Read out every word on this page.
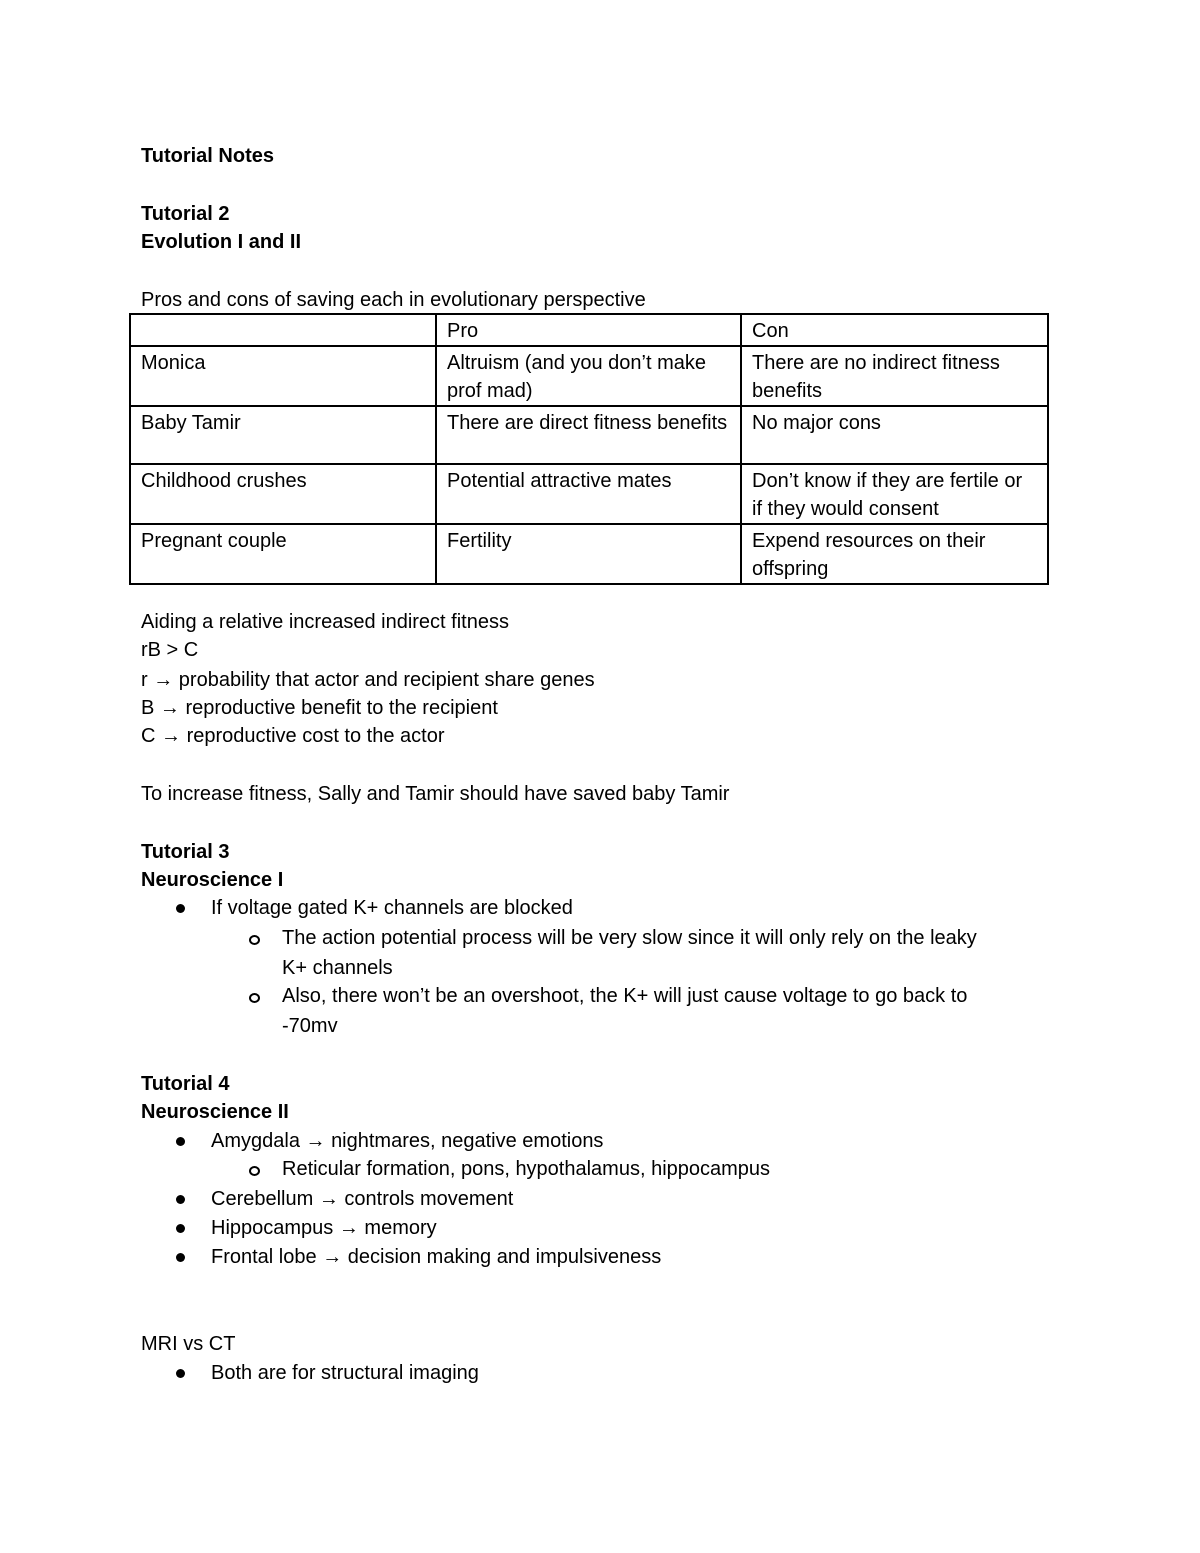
Tutorial Notes
Tutorial 2
Evolution I and II
Pros and cons of saving each in evolutionary perspective
	Pro	Con
Monica	Altruism (and you don’t make prof mad)	There are no indirect fitness benefits
Baby Tamir	There are direct fitness benefits	No major cons
Childhood crushes	Potential attractive mates	Don’t know if they are fertile or if they would consent
Pregnant couple	Fertility	Expend resources on their offspring
Aiding a relative increased indirect fitness
rB > C
r → probability that actor and recipient share genes
B → reproductive benefit to the recipient
C → reproductive cost to the actor
To increase fitness, Sally and Tamir should have saved baby Tamir
Tutorial 3
Neuroscience I
If voltage gated K+ channels are blocked
The action potential process will be very slow since it will only rely on the leaky
K+ channels
Also, there won’t be an overshoot, the K+ will just cause voltage to go back to
-70mv
Tutorial 4
Neuroscience II
Amygdala → nightmares, negative emotions
Reticular formation, pons, hypothalamus, hippocampus
Cerebellum → controls movement
Hippocampus → memory
Frontal lobe → decision making and impulsiveness
MRI vs CT
Both are for structural imaging
